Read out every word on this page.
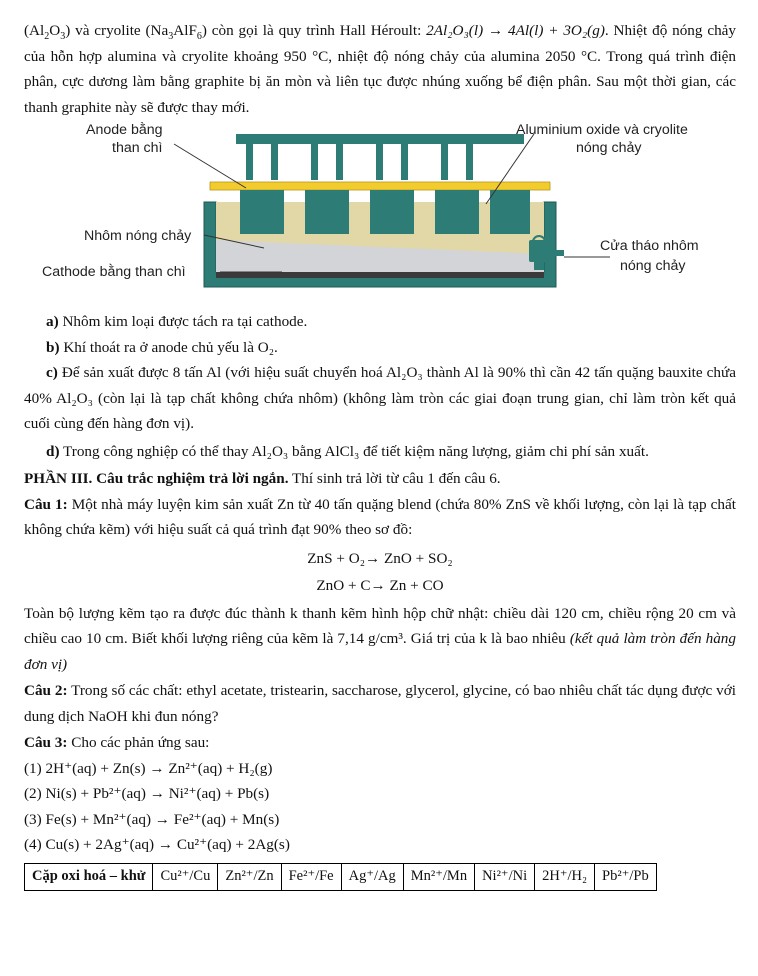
$(Al_2O_3)$ và cryolite $(Na_3AlF_6)$ còn gọi là quy trình Hall Héroult: 2Al₂O₃(l) → 4Al(l) + 3O₂(g). Nhiệt độ nóng chảy của hỗn hợp alumina và cryolite khoảng 950 °C, nhiệt độ nóng chảy của alumina 2050 °C. Trong quá trình điện phân, cực dương làm bằng graphite bị ăn mòn và liên tục được nhúng xuống bể điện phân. Sau một thời gian, các thanh graphite này sẽ được thay mới.

Anode bằng
than chì
Aluminium oxide và cryolite
nóng chảy
Nhôm nóng chảy
Cathode bằng than chì
Cửa tháo nhôm
nóng chảy

a) Nhôm kim loại được tách ra tại cathode.

b) Khí thoát ra ở anode chủ yếu là O₂.

c) Để sản xuất được 8 tấn Al (với hiệu suất chuyển hoá Al₂O₃ thành Al là 90% thì cần 42 tấn quặng bauxite chứa 40% Al₂O₃ (còn lại là tạp chất không chứa nhôm) (không làm tròn các giai đoạn trung gian, chỉ làm tròn kết quả cuối cùng đến hàng đơn vị).

d) Trong công nghiệp có thể thay Al₂O₃ bằng AlCl₃ để tiết kiệm năng lượng, giảm chi phí sản xuất.

PHẦN III. Câu trắc nghiệm trả lời ngắn. Thí sinh trả lời từ câu 1 đến câu 6.

Câu 1: Một nhà máy luyện kim sản xuất Zn từ 40 tấn quặng blend (chứa 80% ZnS về khối lượng, còn lại là tạp chất không chứa kẽm) với hiệu suất cả quá trình đạt 90% theo sơ đồ:

ZnS + O₂→ ZnO + SO₂

ZnO + C→ Zn + CO

Toàn bộ lượng kẽm tạo ra được đúc thành k thanh kẽm hình hộp chữ nhật: chiều dài 120 cm, chiều rộng 20 cm và chiều cao 10 cm. Biết khối lượng riêng của kẽm là 7,14 g/cm³. Giá trị của k là bao nhiêu (kết quả làm tròn đến hàng đơn vị)

Câu 2: Trong số các chất: ethyl acetate, tristearin, saccharose, glycerol, glycine, có bao nhiêu chất tác dụng được với dung dịch NaOH khi đun nóng?

Câu 3: Cho các phản ứng sau:

(1) 2H⁺(aq) + Zn(s) → Zn²⁺(aq) + H₂(g)

(2) Ni(s) + Pb²⁺(aq) → Ni²⁺(aq) + Pb(s)

(3) Fe(s) + Mn²⁺(aq) → Fe²⁺(aq) + Mn(s)

(4) Cu(s) + 2Ag⁺(aq) → Cu²⁺(aq) + 2Ag(s)

Cặp oxi hoá – khử	Cu²⁺/Cu	Zn²⁺/Zn	Fe²⁺/Fe	Ag⁺/Ag	Mn²⁺/Mn	Ni²⁺/Ni	2H⁺/H₂	Pb²⁺/Pb
